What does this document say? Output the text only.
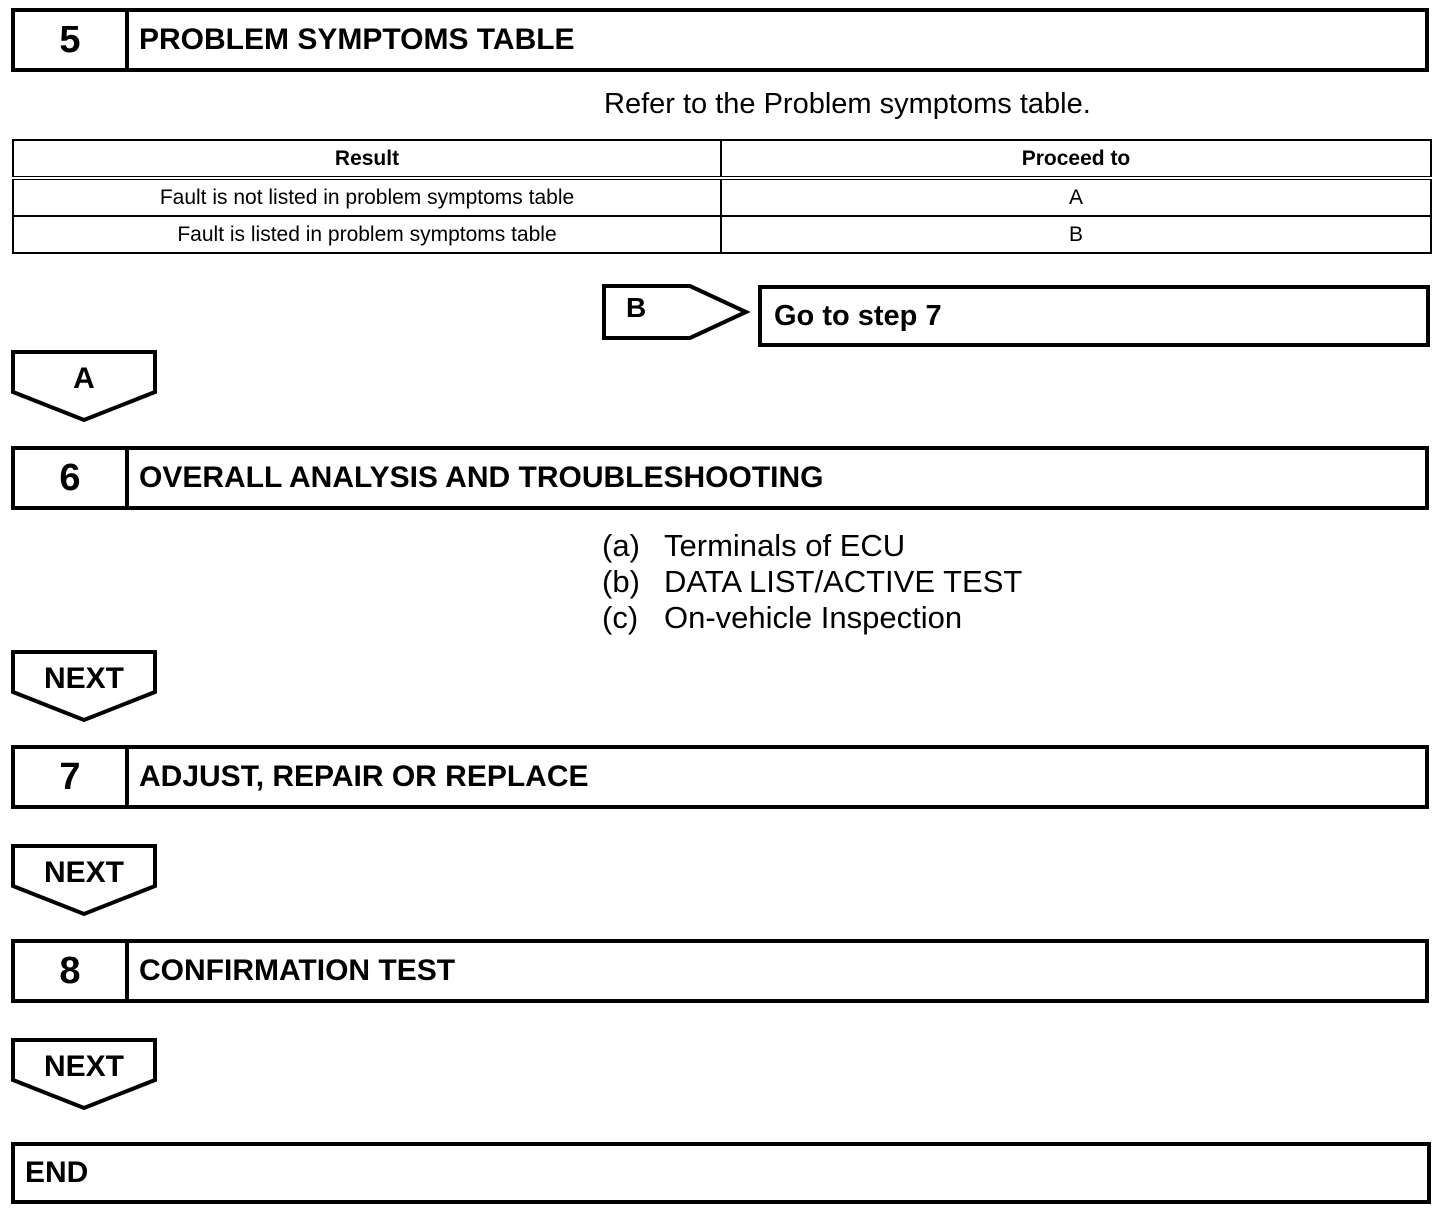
5	PROBLEM SYMPTOMS TABLE
Refer to the Problem symptoms table.
Result	Proceed to
Fault is not listed in problem symptoms table	A
Fault is listed in problem symptoms table	B
B	Go to step 7
A
6	OVERALL ANALYSIS AND TROUBLESHOOTING
(a) Terminals of ECU
(b) DATA LIST/ACTIVE TEST
(c) On-vehicle Inspection
NEXT
7	ADJUST, REPAIR OR REPLACE
NEXT
8	CONFIRMATION TEST
NEXT
END
